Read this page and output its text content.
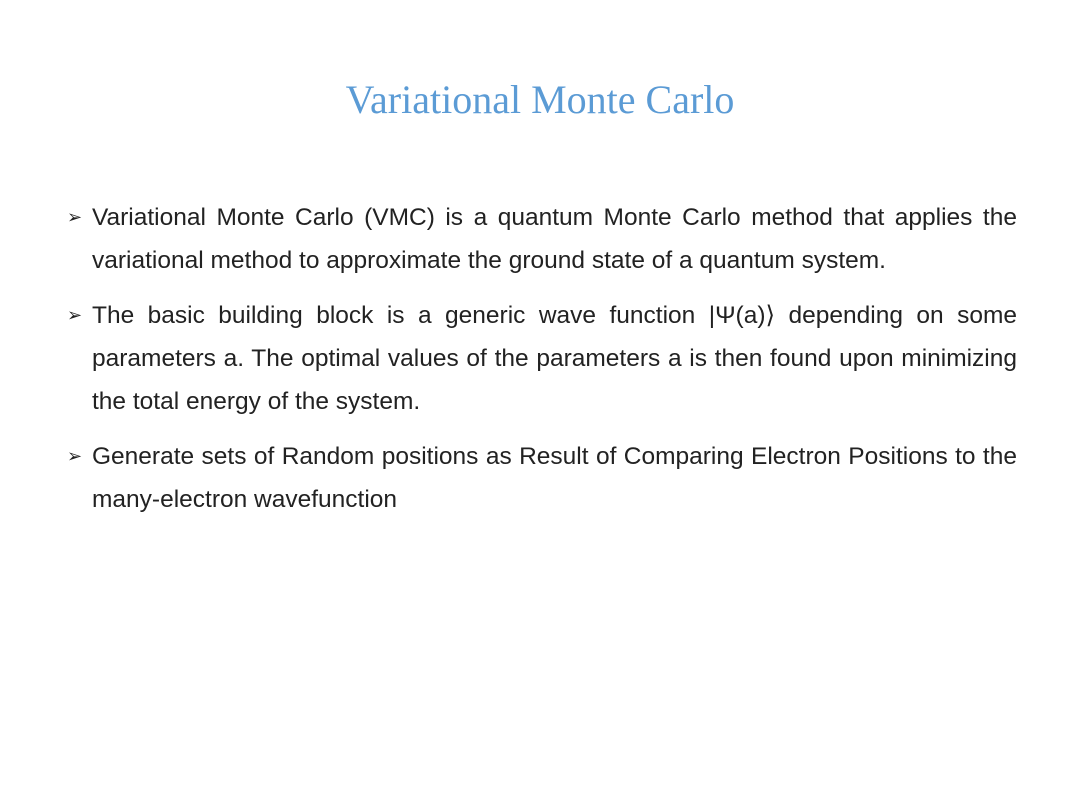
Variational Monte Carlo
➢ Variational Monte Carlo (VMC) is a quantum Monte Carlo method that applies the variational method to approximate the ground state of a quantum system.
➢ The basic building block is a generic wave function |Ψ(a)⟩ depending on some parameters a. The optimal values of the parameters a is then found upon minimizing the total energy of the system.
➢ Generate sets of Random positions as Result of Comparing Electron Positions to the many-electron wavefunction
